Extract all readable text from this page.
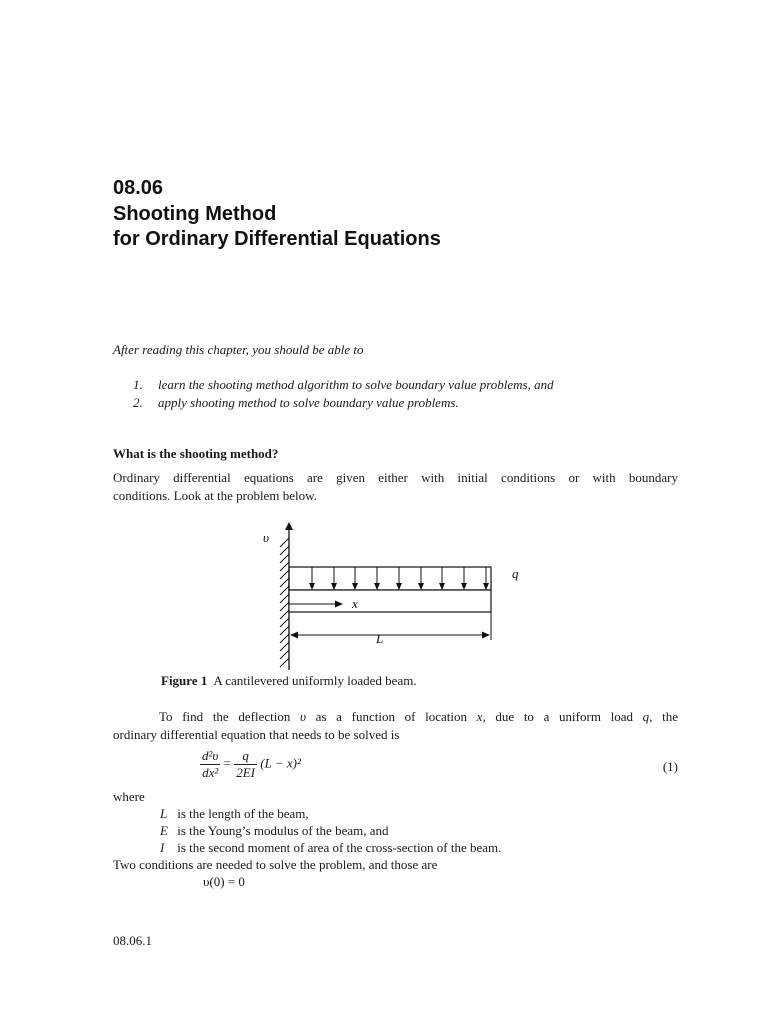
08.06
Shooting Method
for Ordinary Differential Equations
After reading this chapter, you should be able to
1. learn the shooting method algorithm to solve boundary value problems, and
2. apply shooting method to solve boundary value problems.
What is the shooting method?
Ordinary differential equations are given either with initial conditions or with boundary
conditions. Look at the problem below.
υ
q
x
L
Figure 1 A cantilevered uniformly loaded beam.
To find the deflection υ as a function of location x, due to a uniform load q, the
ordinary differential equation that needs to be solved is
$\frac{\text{d²υ}}{\text{dx²}} = \frac{q}{2EI} (L - x)^2$	(1)
where
L is the length of the beam,
E is the Young’s modulus of the beam, and
I is the second moment of area of the cross-section of the beam.
Two conditions are needed to solve the problem, and those are
υ(0) = 0
08.06.1
